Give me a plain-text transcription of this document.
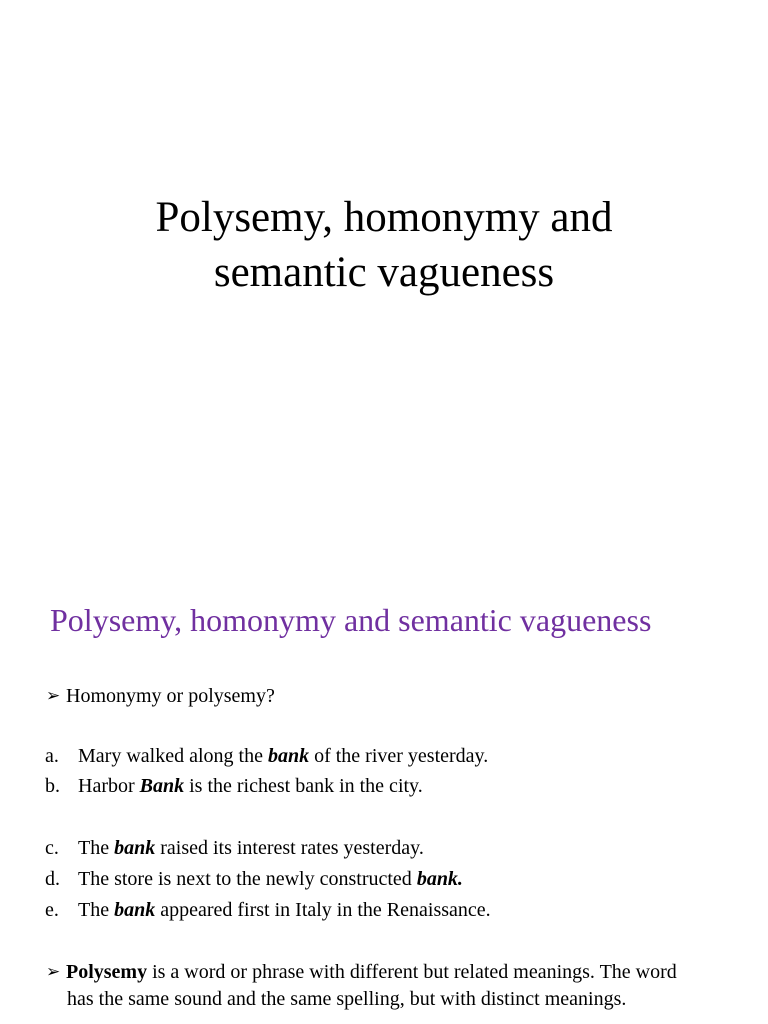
Polysemy, homonymy and
semantic vagueness
Polysemy, homonymy and semantic vagueness
➢ Homonymy or polysemy?
a. Mary walked along the bank of the river yesterday.
b. Harbor Bank is the richest bank in the city.
c. The bank raised its interest rates yesterday.
d. The store is next to the newly constructed bank.
e. The bank appeared first in Italy in the Renaissance.
➢ Polysemy is a word or phrase with different but related meanings. The word
has the same sound and the same spelling, but with distinct meanings.
